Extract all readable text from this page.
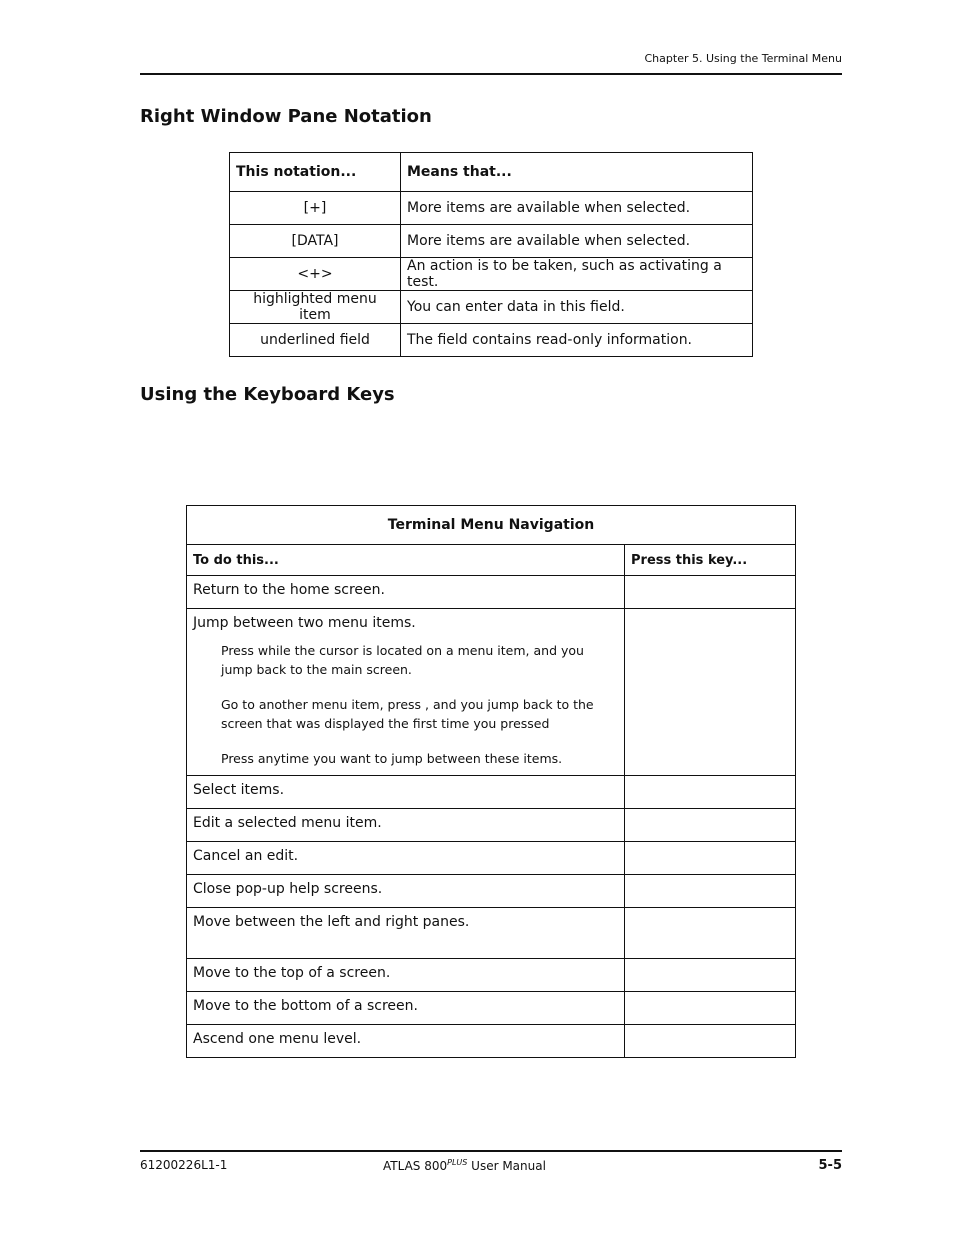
Chapter 5. Using the Terminal Menu
Right Window Pane Notation
This notation...	Means that...
[+]	More items are available when selected.
[DATA]	More items are available when selected.
<+>	An action is to be taken, such as activating a test.
highlighted menu item	You can enter data in this field.
underlined field	The field contains read-only information.
Using the Keyboard Keys
Terminal Menu Navigation	
To do this...	Press this key...
Return to the home screen.	

Jump between two menu items.
Press while the cursor is located on a menu item, and you jump back to the main screen.
Go to another menu item, press , and you jump back to the screen that was displayed the first time you pressed
Press anytime you want to jump between these items.	

Select items.	
Edit a selected menu item.	
Cancel an edit.	
Close pop-up help screens.	
Move between the left and right panes.	
Move to the top of a screen.	
Move to the bottom of a screen.	
Ascend one menu level.	
61200226L1-1	ATLAS $800^{PLUS}$ User Manual	5-5
